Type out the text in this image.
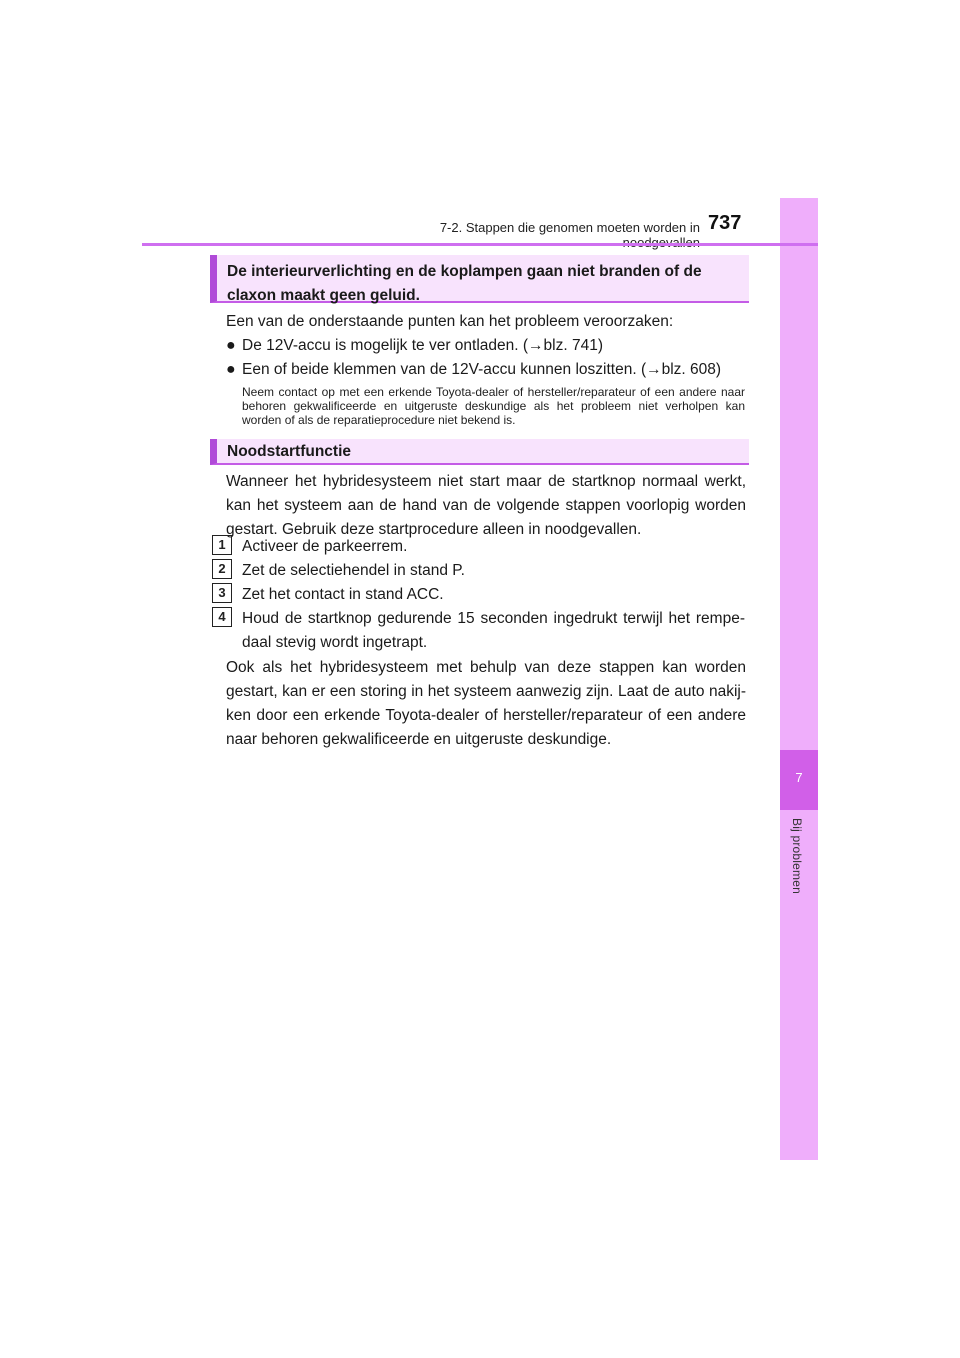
7
Bij problemen
7-2. Stappen die genomen moeten worden in 737
De interieurverlichting en de koplampen gaan niet branden of de claxon maakt geen geluid.
Een van de onderstaande punten kan het probleem veroorzaken:
● De 12V-accu is mogelijk te ver ontladen. (→blz. 741)
● Een of beide klemmen van de 12V-accu kunnen loszitten. (→blz. 608)
Neem contact op met een erkende Toyota-dealer of hersteller/reparateur of een andere naar behoren gekwalificeerde en uitgeruste deskundige als het probleem niet verholpen kan worden of als de reparatieprocedure niet bekend is.
Noodstartfunctie
Wanneer het hybridesysteem niet start maar de startknop normaal werkt, kan het systeem aan de hand van de volgende stappen voorlopig worden gestart. Gebruik deze startprocedure alleen in noodgevallen.
1	Activeer de parkeerrem.
2	Zet de selectiehendel in stand P.
3	Zet het contact in stand ACC.
4	Houd de startknop gedurende 15 seconden ingedrukt terwijl het rempe-daal stevig wordt ingetrapt.
Ook als het hybridesysteem met behulp van deze stappen kan worden gestart, kan er een storing in het systeem aanwezig zijn. Laat de auto nakij-ken door een erkende Toyota-dealer of hersteller/reparateur of een andere naar behoren gekwalificeerde en uitgeruste deskundige.
